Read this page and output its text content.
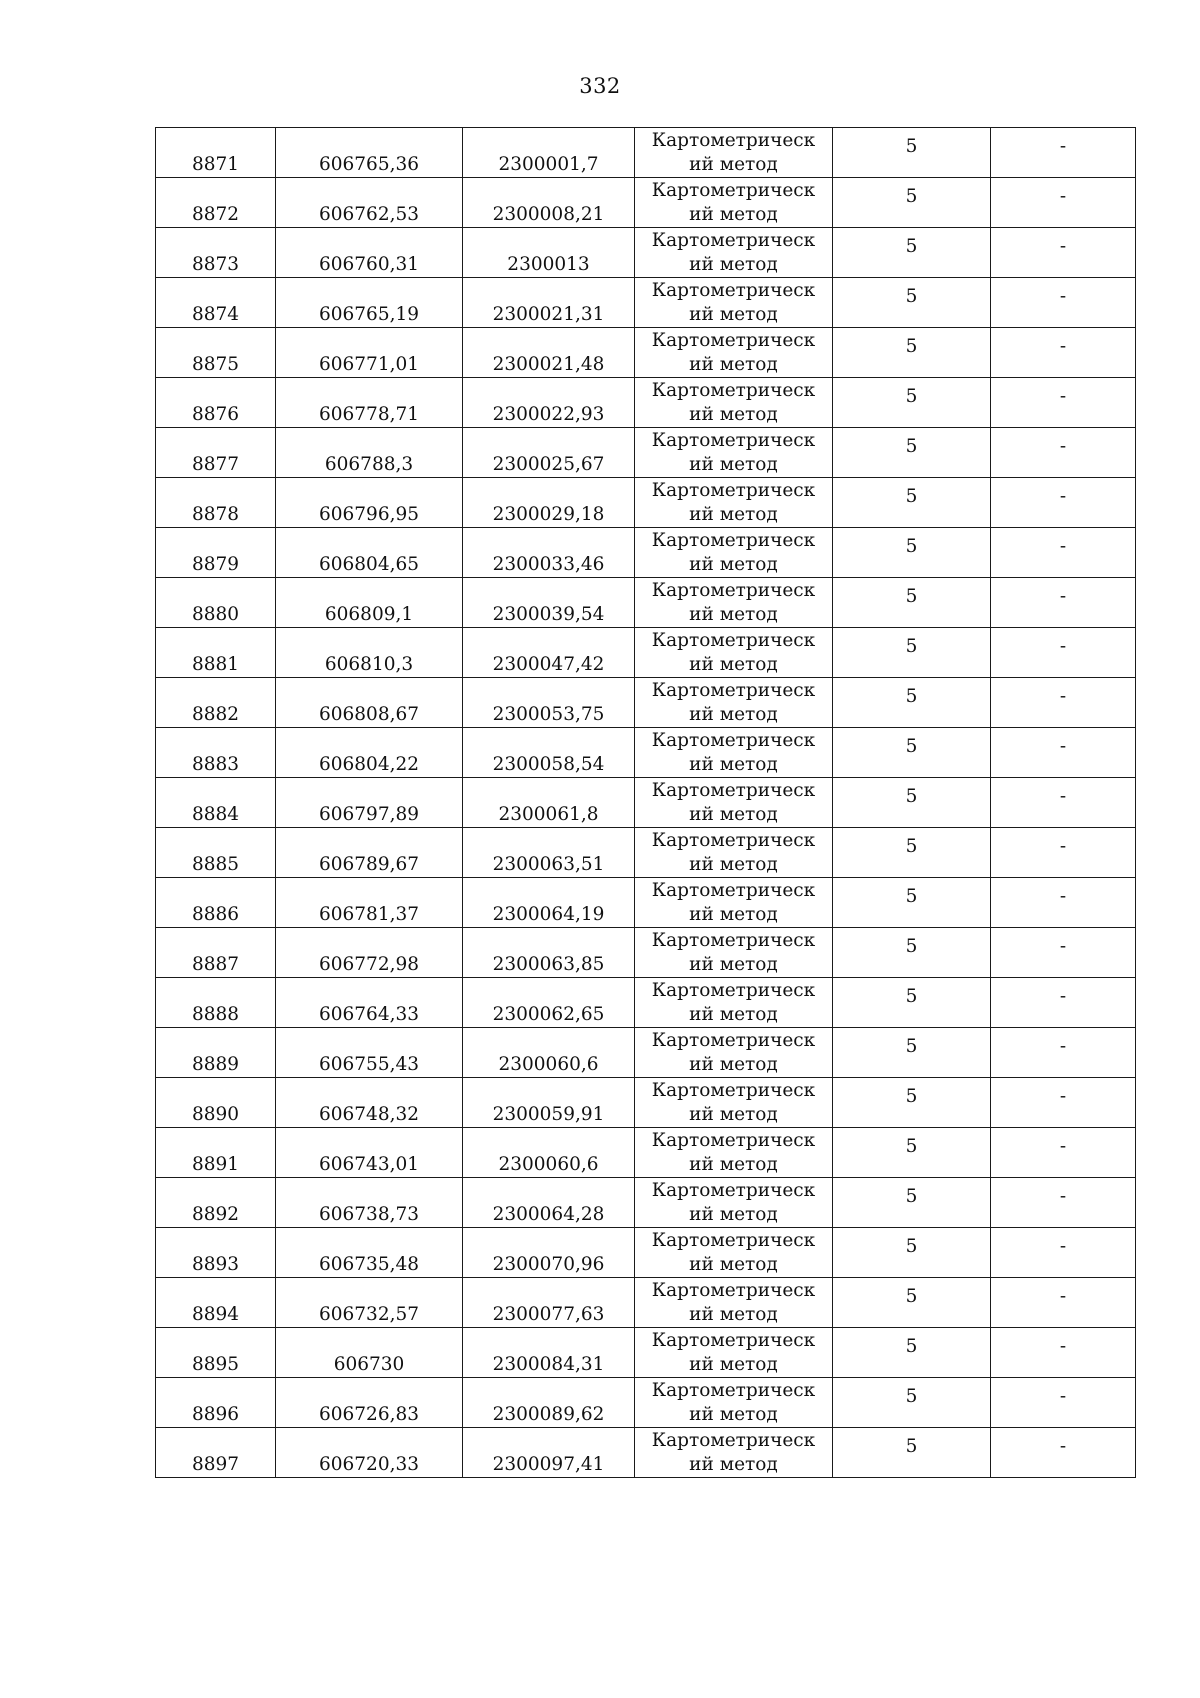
332
8871	606765,36	2300001,7	Картометрический метод	5	-
8872	606762,53	2300008,21	Картометрический метод	5	-
8873	606760,31	2300013	Картометрический метод	5	-
8874	606765,19	2300021,31	Картометрический метод	5	-
8875	606771,01	2300021,48	Картометрический метод	5	-
8876	606778,71	2300022,93	Картометрический метод	5	-
8877	606788,3	2300025,67	Картометрический метод	5	-
8878	606796,95	2300029,18	Картометрический метод	5	-
8879	606804,65	2300033,46	Картометрический метод	5	-
8880	606809,1	2300039,54	Картометрический метод	5	-
8881	606810,3	2300047,42	Картометрический метод	5	-
8882	606808,67	2300053,75	Картометрический метод	5	-
8883	606804,22	2300058,54	Картометрический метод	5	-
8884	606797,89	2300061,8	Картометрический метод	5	-
8885	606789,67	2300063,51	Картометрический метод	5	-
8886	606781,37	2300064,19	Картометрический метод	5	-
8887	606772,98	2300063,85	Картометрический метод	5	-
8888	606764,33	2300062,65	Картометрический метод	5	-
8889	606755,43	2300060,6	Картометрический метод	5	-
8890	606748,32	2300059,91	Картометрический метод	5	-
8891	606743,01	2300060,6	Картометрический метод	5	-
8892	606738,73	2300064,28	Картометрический метод	5	-
8893	606735,48	2300070,96	Картометрический метод	5	-
8894	606732,57	2300077,63	Картометрический метод	5	-
8895	606730	2300084,31	Картометрический метод	5	-
8896	606726,83	2300089,62	Картометрический метод	5	-
8897	606720,33	2300097,41	Картометрический метод	5	-
